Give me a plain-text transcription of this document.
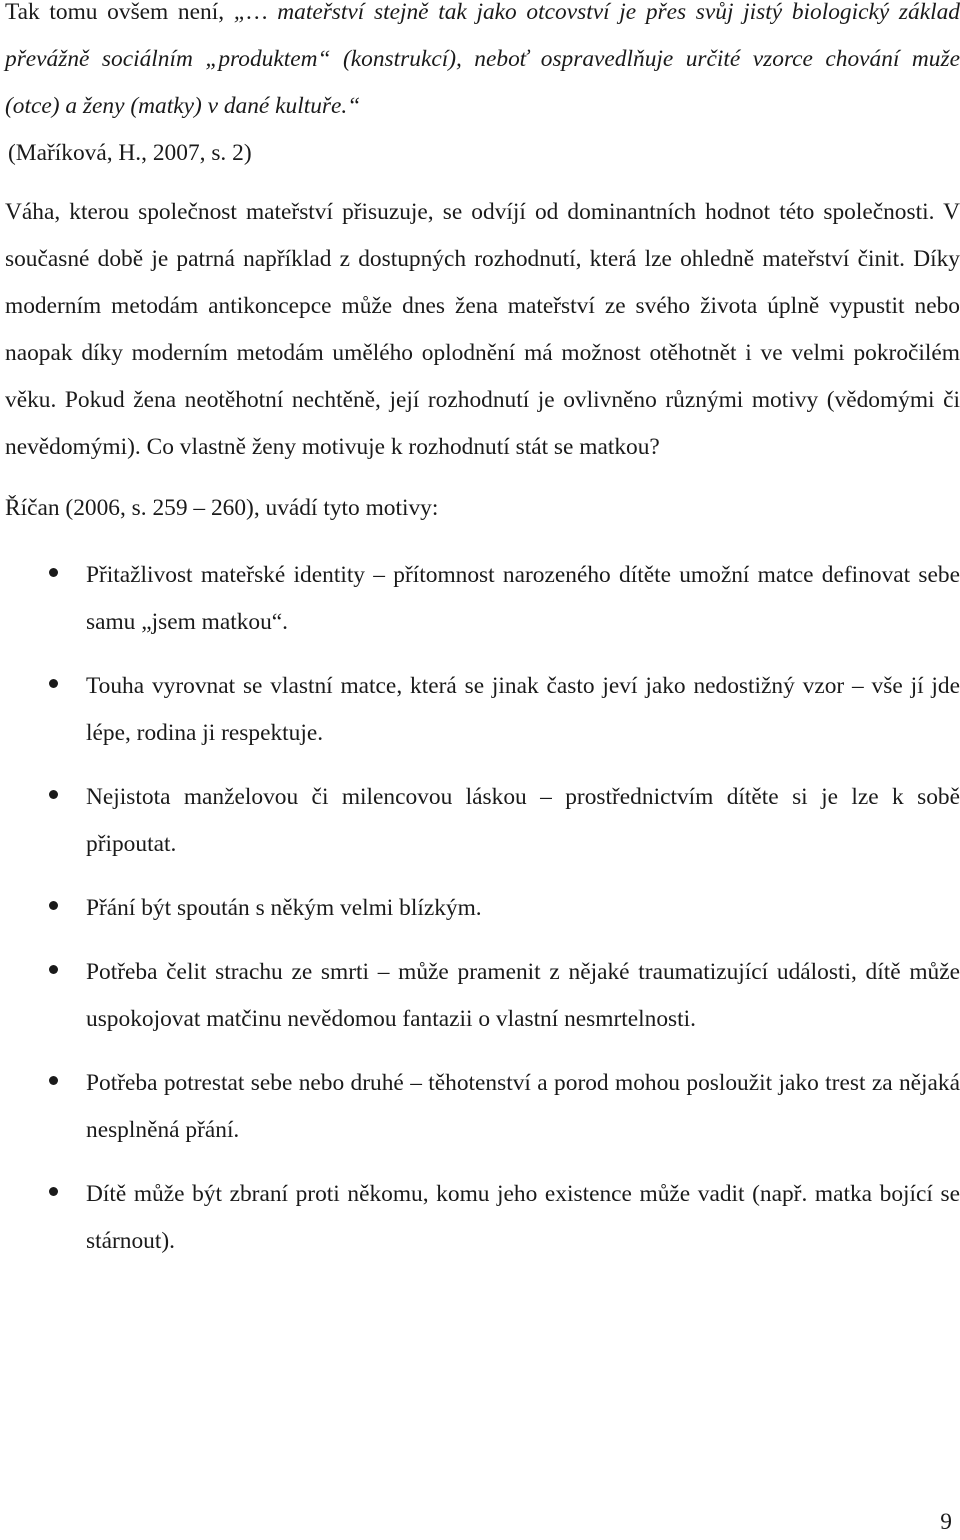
Tak tomu ovšem není, „… mateřství stejně tak jako otcovství je přes svůj jistý biologický základ převážně sociálním „produktem“ (konstrukcí), neboť ospravedlňuje určité vzorce chování muže (otce) a ženy (matky) v dané kultuře.“

(Maříková, H., 2007, s. 2)

Váha, kterou společnost mateřství přisuzuje, se odvíjí od dominantních hodnot této společnosti. V současné době je patrná například z dostupných rozhodnutí, která lze ohledně mateřství činit. Díky moderním metodám antikoncepce může dnes žena mateřství ze svého života úplně vypustit nebo naopak díky moderním metodám umělého oplodnění má možnost otěhotnět i ve velmi pokročilém věku. Pokud žena neotěhotní nechtěně, její rozhodnutí je ovlivněno různými motivy (vědomými či nevědomými). Co vlastně ženy motivuje k rozhodnutí stát se matkou?

Říčan (2006, s. 259 – 260), uvádí tyto motivy:

Přitažlivost mateřské identity – přítomnost narozeného dítěte umožní matce definovat sebe samu „jsem matkou“.
Touha vyrovnat se vlastní matce, která se jinak často jeví jako nedostižný vzor – vše jí jde lépe, rodina ji respektuje.
Nejistota manželovou či milencovou láskou – prostřednictvím dítěte si je lze k sobě připoutat.
Přání být spoután s někým velmi blízkým.
Potřeba čelit strachu ze smrti – může pramenit z nějaké traumatizující události, dítě může uspokojovat matčinu nevědomou fantazii o vlastní nesmrtelnosti.
Potřeba potrestat sebe nebo druhé – těhotenství a porod mohou posloužit jako trest za nějaká nesplněná přání.
Dítě může být zbraní proti někomu, komu jeho existence může vadit (např. matka bojící se stárnout).
9
